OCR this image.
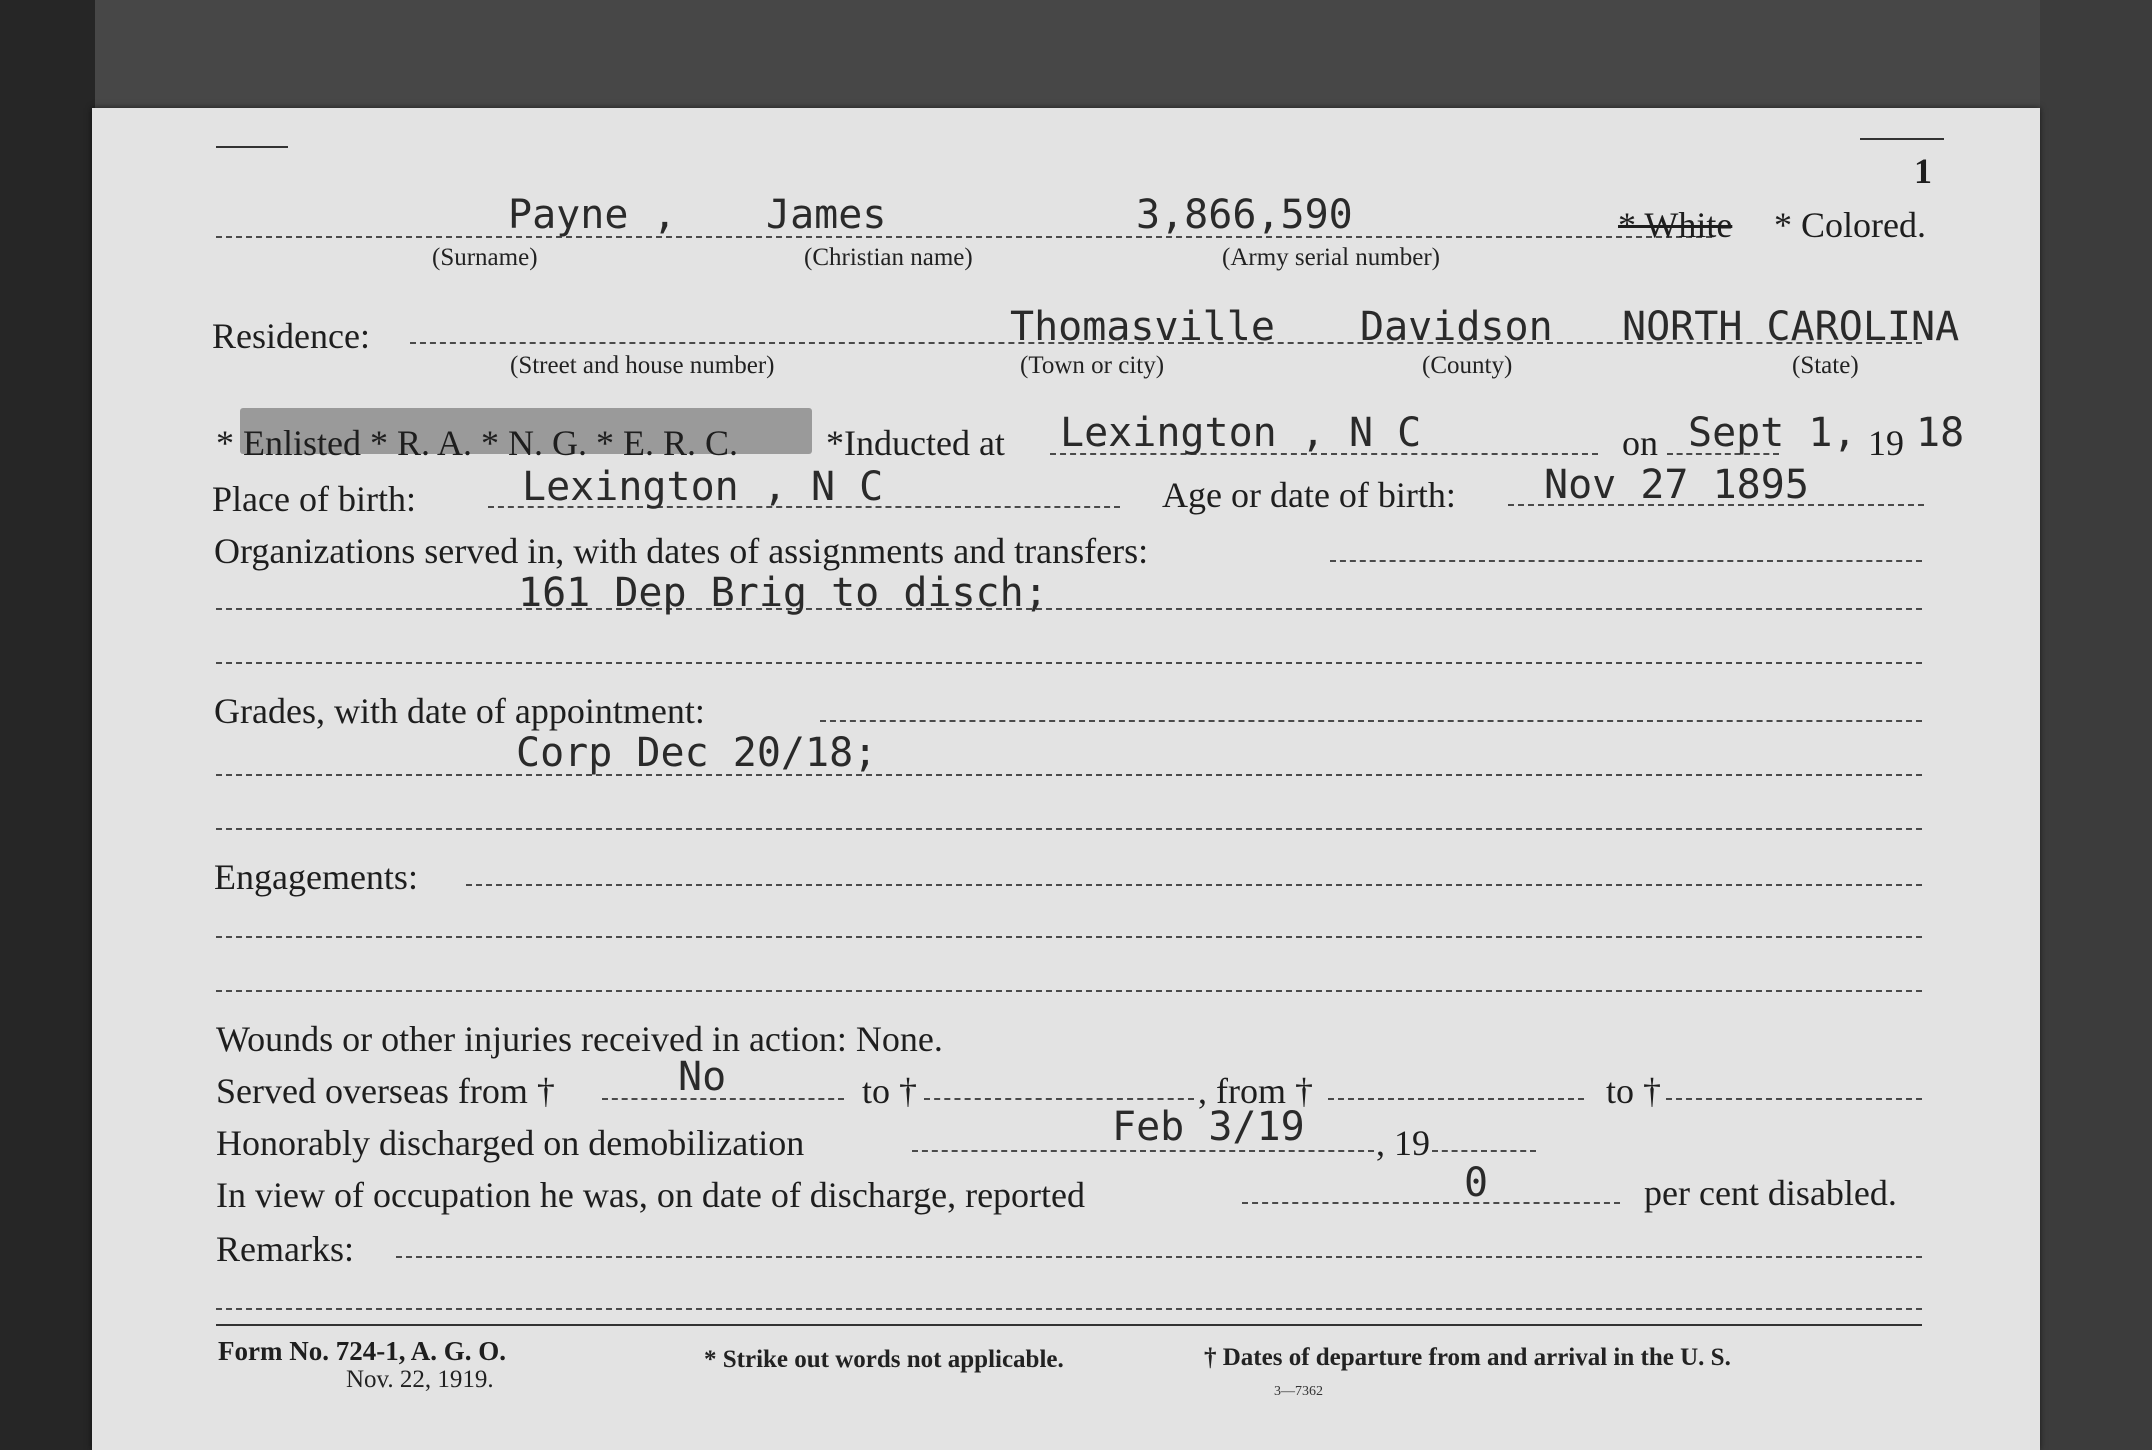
1
Payne , James	3,866,590	* White * Colored.
(Surname)	(Christian name)	(Army serial number)
Residence:	Thomasville Davidson NORTH CAROLINA
(Street and house number)	(Town or city)	(County)	(State)
* Enlisted * R. A. * N. G. * E. R. C. *Inducted at Lexington , N C	on Sept 1, 19 18
Place of birth:	Lexington , N C	Age or date of birth: Nov 27 1895
Organizations served in, with dates of assignments and transfers:
161 Dep Brig to disch;
Grades, with date of appointment:
Corp Dec 20/18;
Engagements:
Wounds or other injuries received in action: None.
Served overseas from †	No	to †	, from †	to †
Honorably discharged on demobilization	Feb 3/19 , 19
In view of occupation he was, on date of discharge, reported	0	per cent disabled.
Remarks:
Form No. 724-1, A. G. O.
Nov. 22, 1919.
* Strike out words not applicable.	† Dates of departure from and arrival in the U. S.
3—7362
